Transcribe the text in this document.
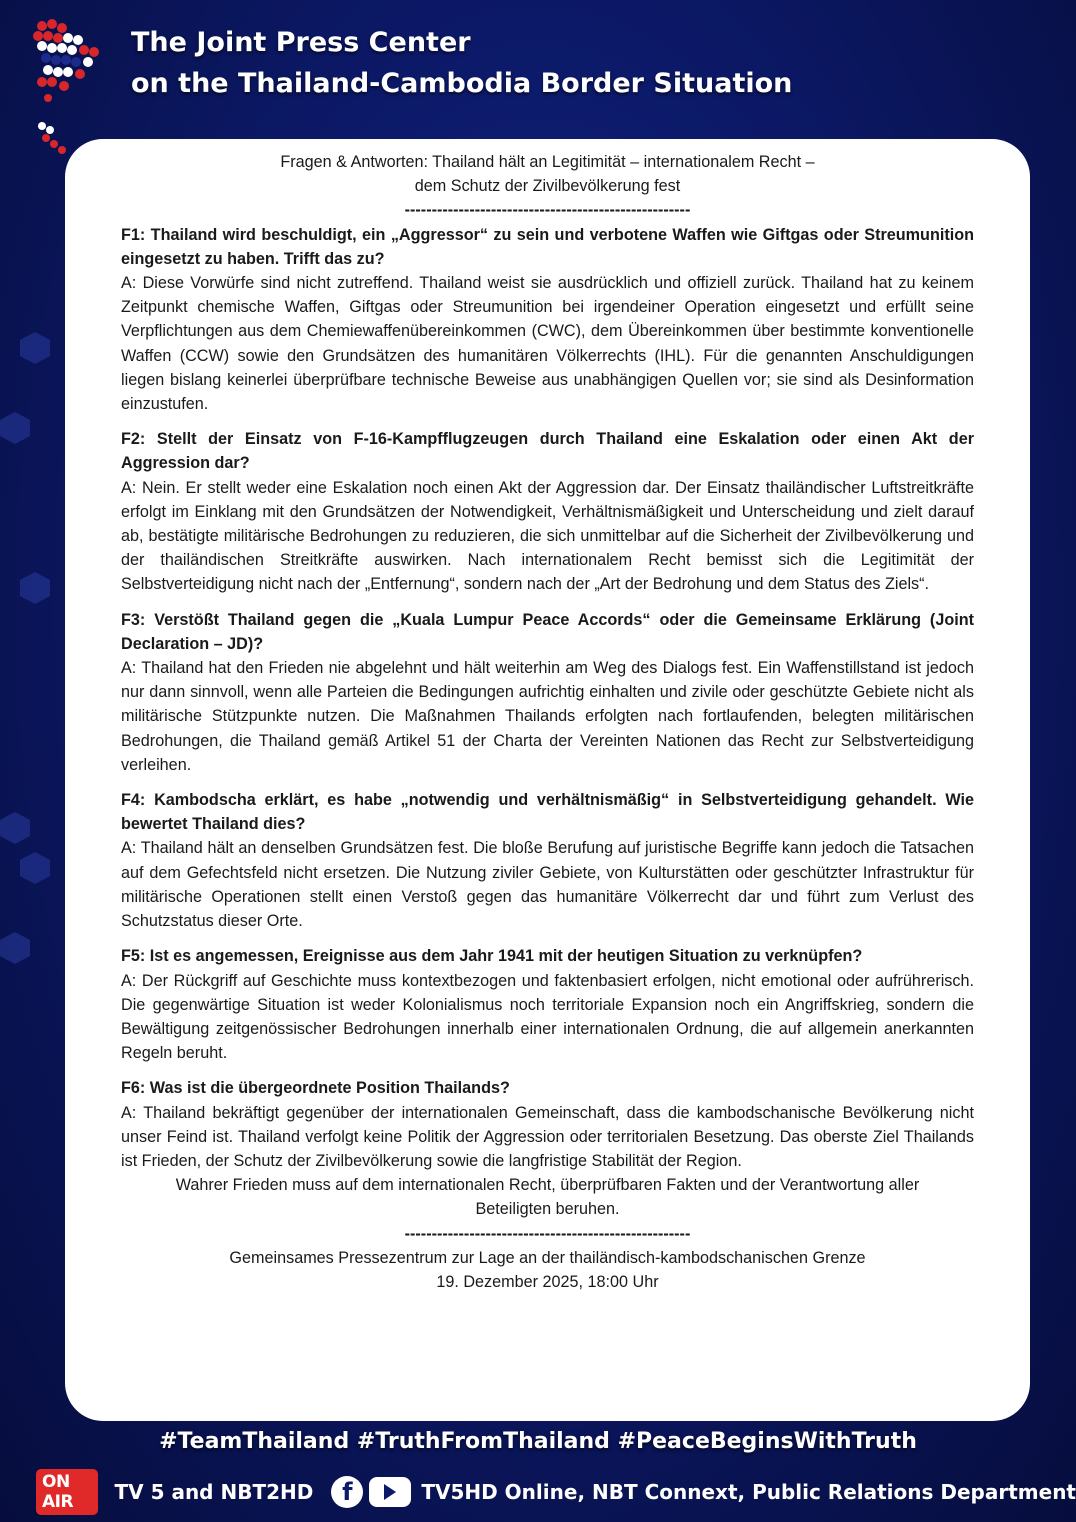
The Joint Press Center
on the Thailand-Cambodia Border Situation
Fragen & Antworten: Thailand hält an Legitimität – internationalem Recht –
dem Schutz der Zivilbevölkerung fest
-----------------------------------------------------
F1: Thailand wird beschuldigt, ein „Aggressor“ zu sein und verbotene Waffen wie Giftgas oder Streumunition eingesetzt zu haben. Trifft das zu?
A: Diese Vorwürfe sind nicht zutreffend. Thailand weist sie ausdrücklich und offiziell zurück. Thailand hat zu keinem Zeitpunkt chemische Waffen, Giftgas oder Streumunition bei irgendeiner Operation eingesetzt und erfüllt seine Verpflichtungen aus dem Chemiewaffenübereinkommen (CWC), dem Übereinkommen über bestimmte konventionelle Waffen (CCW) sowie den Grundsätzen des humanitären Völkerrechts (IHL). Für die genannten Anschuldigungen liegen bislang keinerlei überprüfbare technische Beweise aus unabhängigen Quellen vor; sie sind als Desinformation einzustufen.
F2: Stellt der Einsatz von F-16-Kampfflugzeugen durch Thailand eine Eskalation oder einen Akt der Aggression dar?
A: Nein. Er stellt weder eine Eskalation noch einen Akt der Aggression dar. Der Einsatz thailändischer Luftstreitkräfte erfolgt im Einklang mit den Grundsätzen der Notwendigkeit, Verhältnismäßigkeit und Unterscheidung und zielt darauf ab, bestätigte militärische Bedrohungen zu reduzieren, die sich unmittelbar auf die Sicherheit der Zivilbevölkerung und der thailändischen Streitkräfte auswirken. Nach internationalem Recht bemisst sich die Legitimität der Selbstverteidigung nicht nach der „Entfernung“, sondern nach der „Art der Bedrohung und dem Status des Ziels“.
F3: Verstößt Thailand gegen die „Kuala Lumpur Peace Accords“ oder die Gemeinsame Erklärung (Joint Declaration – JD)?
A: Thailand hat den Frieden nie abgelehnt und hält weiterhin am Weg des Dialogs fest. Ein Waffenstillstand ist jedoch nur dann sinnvoll, wenn alle Parteien die Bedingungen aufrichtig einhalten und zivile oder geschützte Gebiete nicht als militärische Stützpunkte nutzen. Die Maßnahmen Thailands erfolgten nach fortlaufenden, belegten militärischen Bedrohungen, die Thailand gemäß Artikel 51 der Charta der Vereinten Nationen das Recht zur Selbstverteidigung verleihen.
F4: Kambodscha erklärt, es habe „notwendig und verhältnismäßig“ in Selbstverteidigung gehandelt. Wie bewertet Thailand dies?
A: Thailand hält an denselben Grundsätzen fest. Die bloße Berufung auf juristische Begriffe kann jedoch die Tatsachen auf dem Gefechtsfeld nicht ersetzen. Die Nutzung ziviler Gebiete, von Kulturstätten oder geschützter Infrastruktur für militärische Operationen stellt einen Verstoß gegen das humanitäre Völkerrecht dar und führt zum Verlust des Schutzstatus dieser Orte.
F5: Ist es angemessen, Ereignisse aus dem Jahr 1941 mit der heutigen Situation zu verknüpfen?
A: Der Rückgriff auf Geschichte muss kontextbezogen und faktenbasiert erfolgen, nicht emotional oder aufrührerisch. Die gegenwärtige Situation ist weder Kolonialismus noch territoriale Expansion noch ein Angriffskrieg, sondern die Bewältigung zeitgenössischer Bedrohungen innerhalb einer internationalen Ordnung, die auf allgemein anerkannten Regeln beruht.
F6: Was ist die übergeordnete Position Thailands?
A: Thailand bekräftigt gegenüber der internationalen Gemeinschaft, dass die kambodschanische Bevölkerung nicht unser Feind ist. Thailand verfolgt keine Politik der Aggression oder territorialen Besetzung. Das oberste Ziel Thailands ist Frieden, der Schutz der Zivilbevölkerung sowie die langfristige Stabilität der Region.
Wahrer Frieden muss auf dem internationalen Recht, überprüfbaren Fakten und der Verantwortung aller Beteiligten beruhen.
-----------------------------------------------------
Gemeinsames Pressezentrum zur Lage an der thailändisch-kambodschanischen Grenze
19. Dezember 2025, 18:00 Uhr
#TeamThailand #TruthFromThailand #PeaceBeginsWithTruth
ON AIR	TV 5 and NBT2HD	f	TV5HD Online, NBT Connext, Public Relations Department
